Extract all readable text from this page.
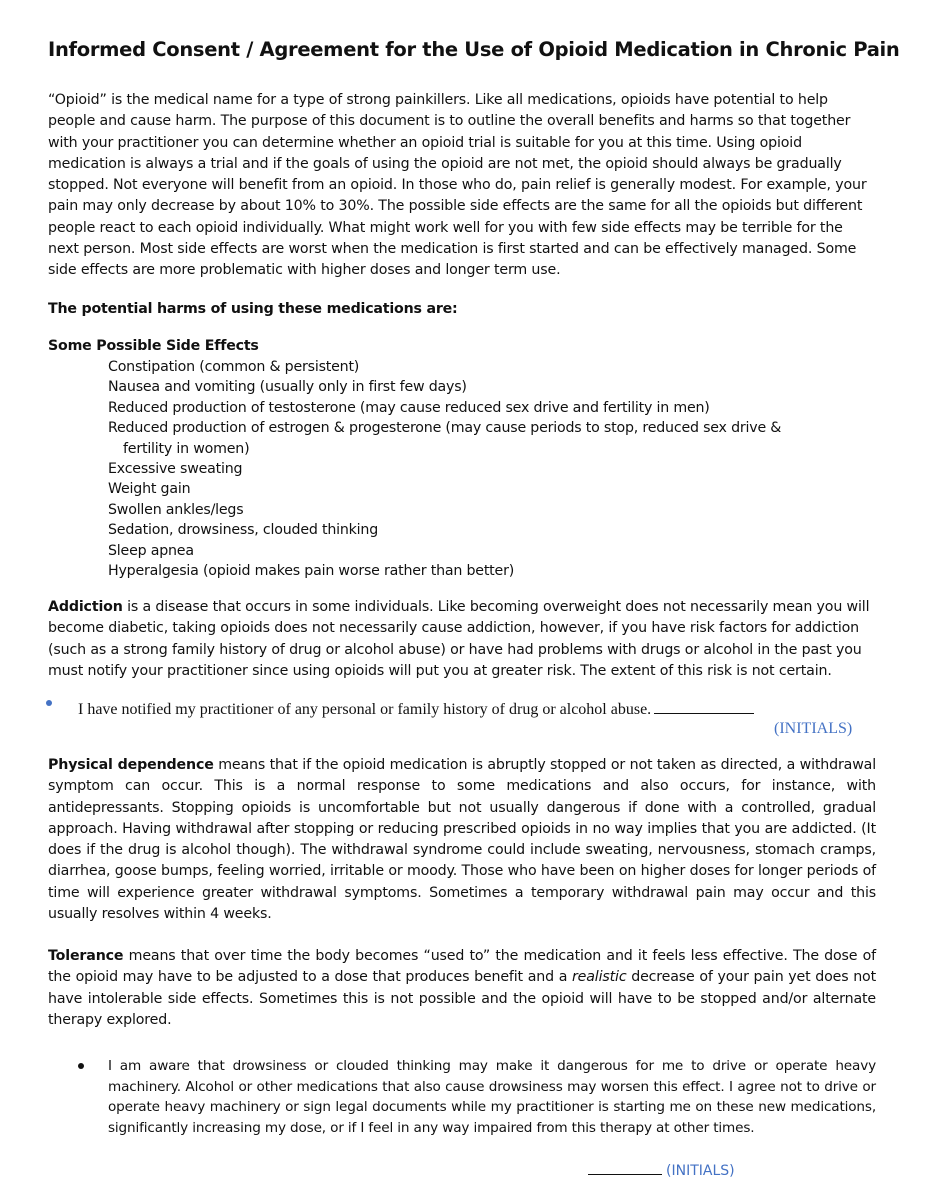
Informed Consent / Agreement for the Use of Opioid Medication in Chronic Pain

“Opioid” is the medical name for a type of strong painkillers. Like all medications, opioids have potential to help people and cause harm. The purpose of this document is to outline the overall benefits and harms so that together with your practitioner you can determine whether an opioid trial is suitable for you at this time. Using opioid medication is always a trial and if the goals of using the opioid are not met, the opioid should always be gradually stopped. Not everyone will benefit from an opioid. In those who do, pain relief is generally modest. For example, your pain may only decrease by about 10% to 30%. The possible side effects are the same for all the opioids but different people react to each opioid individually. What might work well for you with few side effects may be terrible for the next person. Most side effects are worst when the medication is first started and can be effectively managed. Some side effects are more problematic with higher doses and longer term use.

The potential harms of using these medications are:

Some Possible Side Effects

Constipation (common & persistent)
Nausea and vomiting (usually only in first few days)
Reduced production of testosterone (may cause reduced sex drive and fertility in men)
Reduced production of estrogen & progesterone (may cause periods to stop, reduced sex drive &
fertility in women)
Excessive sweating
Weight gain
Swollen ankles/legs
Sedation, drowsiness, clouded thinking
Sleep apnea
Hyperalgesia (opioid makes pain worse rather than better)

Addiction is a disease that occurs in some individuals. Like becoming overweight does not necessarily mean you will become diabetic, taking opioids does not necessarily cause addiction, however, if you have risk factors for addiction (such as a strong family history of drug or alcohol abuse) or have had problems with drugs or alcohol in the past you must notify your practitioner since using opioids will put you at greater risk. The extent of this risk is not certain.

I have notified my practitioner of any personal or family history of drug or alcohol abuse.
(INITIALS)

Physical dependence means that if the opioid medication is abruptly stopped or not taken as directed, a withdrawal symptom can occur. This is a normal response to some medications and also occurs, for instance, with antidepressants. Stopping opioids is uncomfortable but not usually dangerous if done with a controlled, gradual approach. Having withdrawal after stopping or reducing prescribed opioids in no way implies that you are addicted. (It does if the drug is alcohol though). The withdrawal syndrome could include sweating, nervousness, stomach cramps, diarrhea, goose bumps, feeling worried, irritable or moody. Those who have been on higher doses for longer periods of time will experience greater withdrawal symptoms. Sometimes a temporary withdrawal pain may occur and this usually resolves within 4 weeks.

Tolerance means that over time the body becomes “used to” the medication and it feels less effective. The dose of the opioid may have to be adjusted to a dose that produces benefit and a realistic decrease of your pain yet does not have intolerable side effects. Sometimes this is not possible and the opioid will have to be stopped and/or alternate therapy explored.

I am aware that drowsiness or clouded thinking may make it dangerous for me to drive or operate heavy machinery. Alcohol or other medications that also cause drowsiness may worsen this effect. I agree not to drive or operate heavy machinery or sign legal documents while my practitioner is starting me on these new medications, significantly increasing my dose, or if I feel in any way impaired from this therapy at other times.

(INITIALS)
